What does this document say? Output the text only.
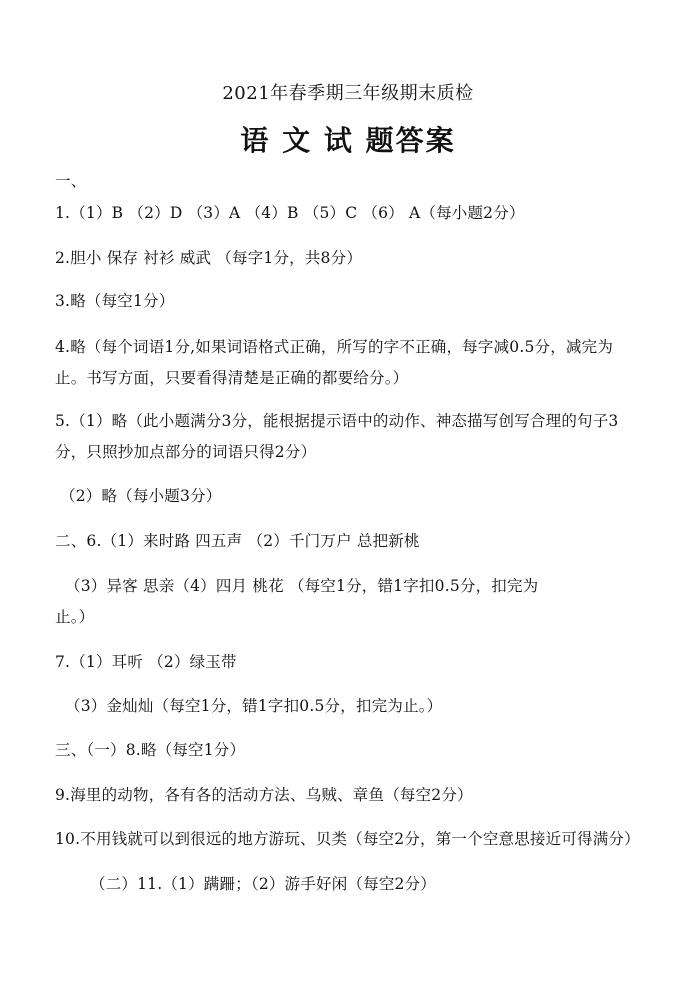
2021年春季期三年级期末质检
语 文 试 题答案
一、
1.（1）B （2）D （3）A （4）B （5）C （6） A（每小题2分）
2.胆小 保存 衬衫 威武 （每字1分，共8分）
3.略（每空1分）
4.略（每个词语1分,如果词语格式正确，所写的字不正确，每字减0.5分，减完为
止。书写方面，只要看得清楚是正确的都要给分。）
5.（1）略（此小题满分3分，能根据提示语中的动作、神态描写创写合理的句子3
分，只照抄加点部分的词语只得2分）
（2）略（每小题3分）
二、6.（1）来时路 四五声 （2）千门万户 总把新桃
（3）异客 思亲（4）四月 桃花 （每空1分，错1字扣0.5分，扣完为
止。）
7.（1）耳听 （2）绿玉带
（3）金灿灿（每空1分，错1字扣0.5分，扣完为止。）
三、（一）8.略（每空1分）
9.海里的动物，各有各的活动方法、乌贼、章鱼（每空2分）
10.不用钱就可以到很远的地方游玩、贝类（每空2分，第一个空意思接近可得满分）
（二）11.（1）蹒跚；（2）游手好闲（每空2分）
